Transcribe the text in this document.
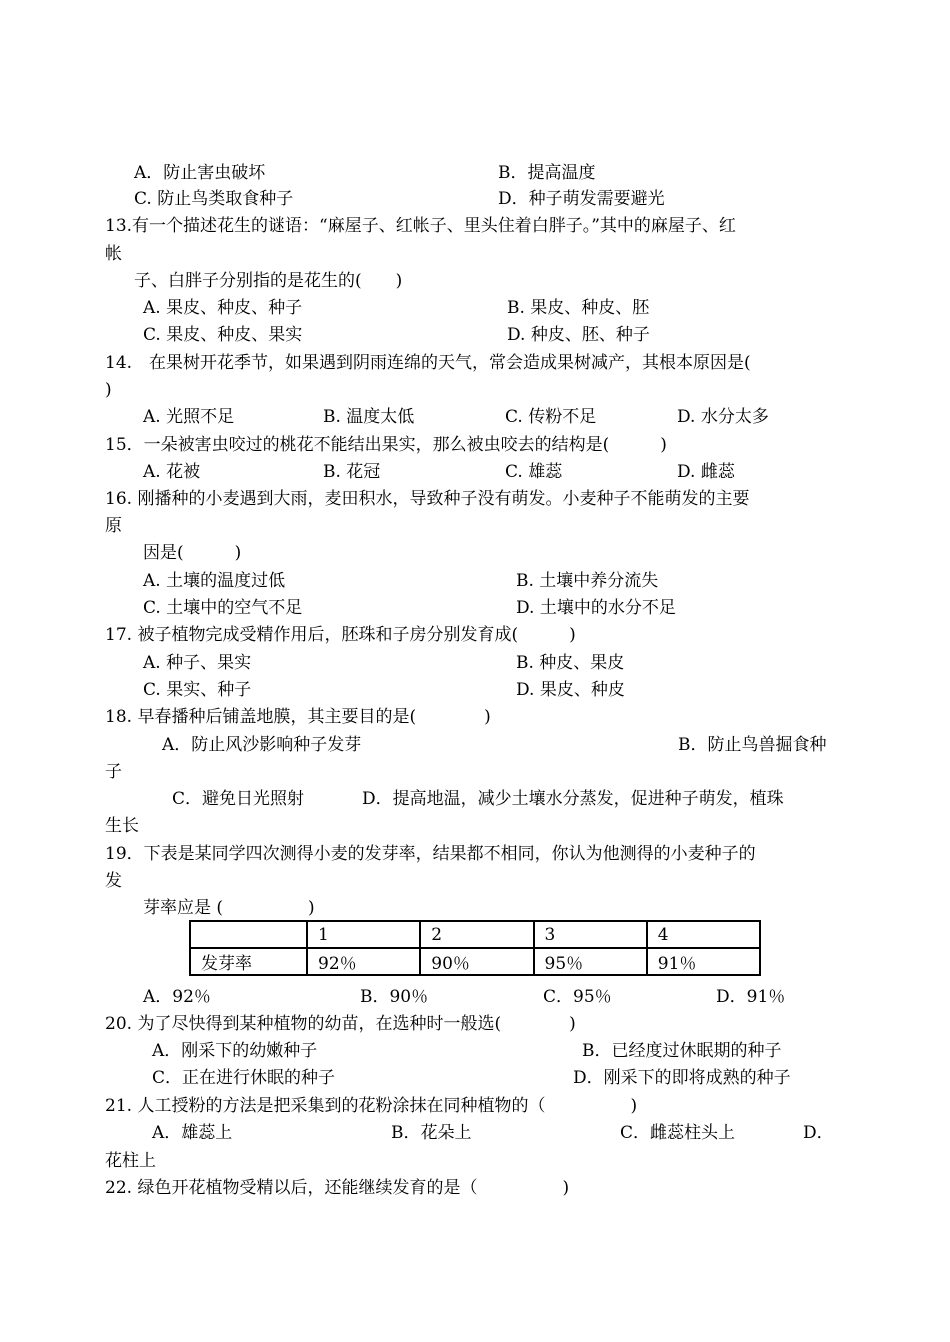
A．防止害虫破坏	B．提高温度
C. 防止鸟类取食种子	D．种子萌发需要避光
13.有一个描述花生的谜语：“麻屋子、红帐子、里头住着白胖子。”其中的麻屋子、红
帐
子、白胖子分别指的是花生的(　　)
A. 果皮、种皮、种子	B. 果皮、种皮、胚
C. 果皮、种皮、果实	D. 种皮、胚、种子
14.　在果树开花季节，如果遇到阴雨连绵的天气，常会造成果树减产，其根本原因是(
)
A. 光照不足	B. 温度太低	C. 传粉不足	D. 水分太多
15．一朵被害虫咬过的桃花不能结出果实，那么被虫咬去的结构是(　　　)
A. 花被	B. 花冠	C. 雄蕊	D. 雌蕊
16. 刚播种的小麦遇到大雨，麦田积水，导致种子没有萌发。小麦种子不能萌发的主要
原
因是(　　　)
A. 土壤的温度过低	B. 土壤中养分流失
C. 土壤中的空气不足	D. 土壤中的水分不足
17. 被子植物完成受精作用后，胚珠和子房分别发育成(　　　)
A. 种子、果实	B. 种皮、果皮
C. 果实、种子	D. 果皮、种皮
18. 早春播种后铺盖地膜，其主要目的是(　　　　)
A．防止风沙影响种子发芽	B．防止鸟兽掘食种
子
C．避免日光照射	D．提高地温，减少土壤水分蒸发，促进种子萌发，植珠
生长
19．下表是某同学四次测得小麦的发芽率，结果都不相同，你认为他测得的小麦种子的
发
芽率应是 (　　　　　)
	1	2	3	4
发芽率	92％	90％	95％	91％
A．92％	B．90％	C．95％	D．91％
20. 为了尽快得到某种植物的幼苗，在选种时一般选(　　　　)
A．刚采下的幼嫩种子	B．已经度过休眠期的种子
C．正在进行休眠的种子	D．刚采下的即将成熟的种子
21. 人工授粉的方法是把采集到的花粉涂抹在同种植物的（　　　　　)
A．雄蕊上	B．花朵上	C．雌蕊柱头上	D．
花柱上
22. 绿色开花植物受精以后，还能继续发育的是（　　　　　)
